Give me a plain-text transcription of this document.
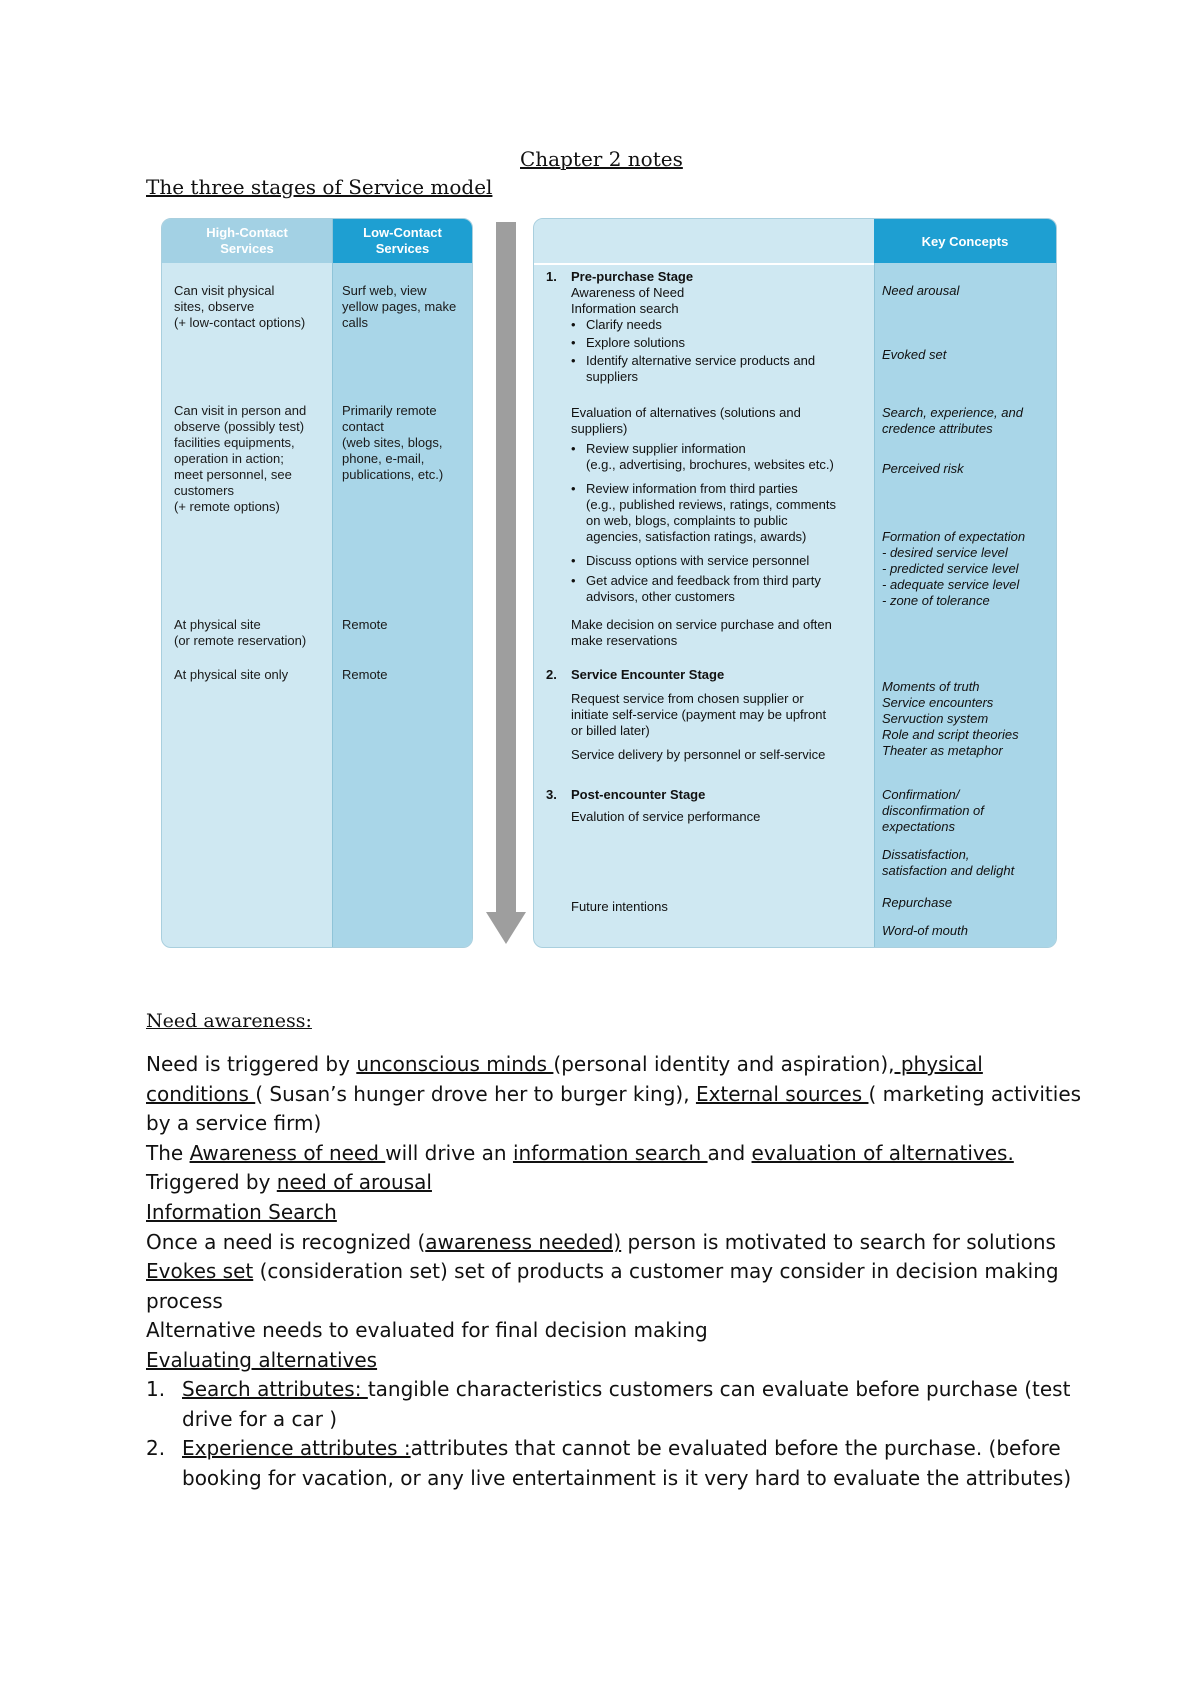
Chapter 2 notes
The three stages of Service model
High-Contact
Services
Low-Contact
Services
Can visit physical
sites, observe
(+ low-contact options)
Surf web, view
yellow pages, make
calls
Can visit in person and
observe (possibly test)
facilities equipments,
operation in action;
meet personnel, see
customers
(+ remote options)
Primarily remote
contact
(web sites, blogs,
phone, e-mail,
publications, etc.)
At physical site
(or remote reservation)
Remote
At physical site only	Remote
Key Concepts
1. Pre-purchase Stage
Awareness of Need
Information search
• Clarify needs
• Explore solutions
• Identify alternative service products and
suppliers
Evaluation of alternatives (solutions and
suppliers)
• Review supplier information
(e.g., advertising, brochures, websites etc.)
• Review information from third parties
(e.g., published reviews, ratings, comments
on web, blogs, complaints to public
agencies, satisfaction ratings, awards)
• Discuss options with service personnel
• Get advice and feedback from third party
advisors, other customers
Make decision on service purchase and often
make reservations
2. Service Encounter Stage
Request service from chosen supplier or
initiate self-service (payment may be upfront
or billed later)
Service delivery by personnel or self-service
3. Post-encounter Stage
Evalution of service performance
Future intentions
Need arousal
Evoked set
Search, experience, and
credence attributes
Perceived risk
Formation of expectation
- desired service level
- predicted service level
- adequate service level
- zone of tolerance
Moments of truth
Service encounters
Servuction system
Role and script theories
Theater as metaphor
Confirmation/
disconfirmation of
expectations
Dissatisfaction,
satisfaction and delight
Repurchase
Word-of mouth
Need awareness:
Need is triggered by unconscious minds (personal identity and aspiration), physical
conditions ( Susan’s hunger drove her to burger king), External sources ( marketing activities
by a service firm)
The Awareness of need will drive an information search and evaluation of alternatives.
Triggered by need of arousal
Information Search
Once a need is recognized (awareness needed) person is motivated to search for solutions
Evokes set (consideration set) set of products a customer may consider in decision making
process
Alternative needs to evaluated for final decision making
Evaluating alternatives
1. Search attributes: tangible characteristics customers can evaluate before purchase (test
drive for a car )
2. Experience attributes :attributes that cannot be evaluated before the purchase. (before
booking for vacation, or any live entertainment is it very hard to evaluate the attributes)
